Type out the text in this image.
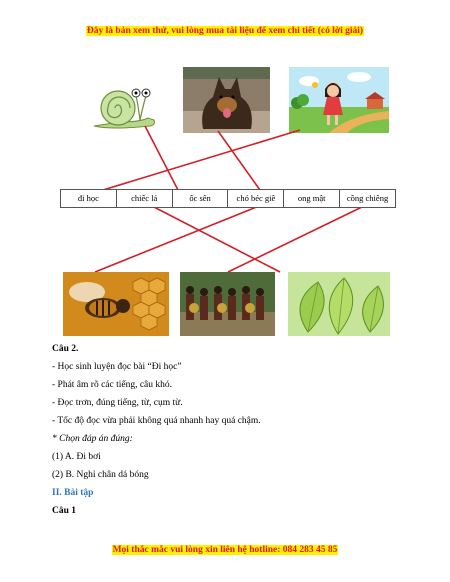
Đây là bản xem thử, vui lòng mua tài liệu để xem chi tiết (có lời giải)
đi học	chiếc lá	ốc sên	chó béc giê	ong mật	cồng chiêng
Câu 2.
- Học sinh luyện đọc bài “Đi học”
- Phát âm rõ các tiếng, câu khó.
- Đọc trơn, đúng tiếng, từ, cụm từ.
- Tốc độ đọc vừa phải không quá nhanh hay quá chậm.
* Chọn đáp án đúng:
(1) A. Đi bơi
(2) B. Nghỉ chân dá bóng
II. Bài tập
Câu 1
Mọi thắc mắc vui lòng xin liên hệ hotline: 084 283 45 85
